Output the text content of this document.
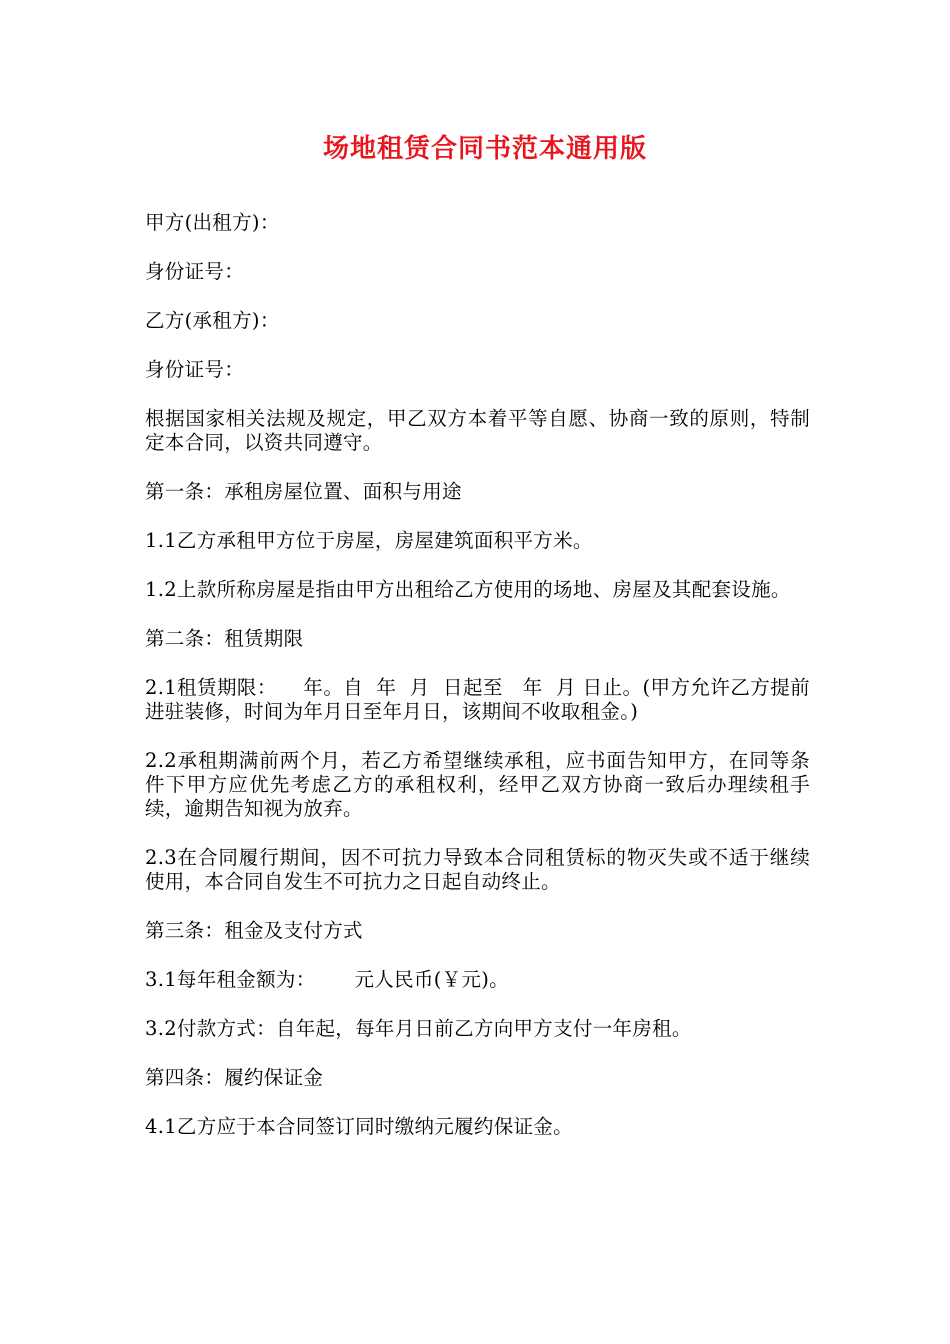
场地租赁合同书范本通用版

甲方(出租方)：

身份证号：

乙方(承租方)：

身份证号：

根据国家相关法规及规定，甲乙双方本着平等自愿、协商一致的原则，特制定本合同，以资共同遵守。

第一条：承租房屋位置、面积与用途

1.1乙方承租甲方位于房屋，房屋建筑面积平方米。

1.2上款所称房屋是指由甲方出租给乙方使用的场地、房屋及其配套设施。

第二条：租赁期限

2.1租赁期限：    年。自  年  月  日起至   年  月 日止。(甲方允许乙方提前进驻装修，时间为年月日至年月日，该期间不收取租金。)

2.2承租期满前两个月，若乙方希望继续承租，应书面告知甲方，在同等条件下甲方应优先考虑乙方的承租权利，经甲乙双方协商一致后办理续租手续，逾期告知视为放弃。

2.3在合同履行期间，因不可抗力导致本合同租赁标的物灭失或不适于继续使用，本合同自发生不可抗力之日起自动终止。

第三条：租金及支付方式

3.1每年租金额为：      元人民币(￥元)。

3.2付款方式：自年起，每年月日前乙方向甲方支付一年房租。

第四条：履约保证金

4.1乙方应于本合同签订同时缴纳元履约保证金。
